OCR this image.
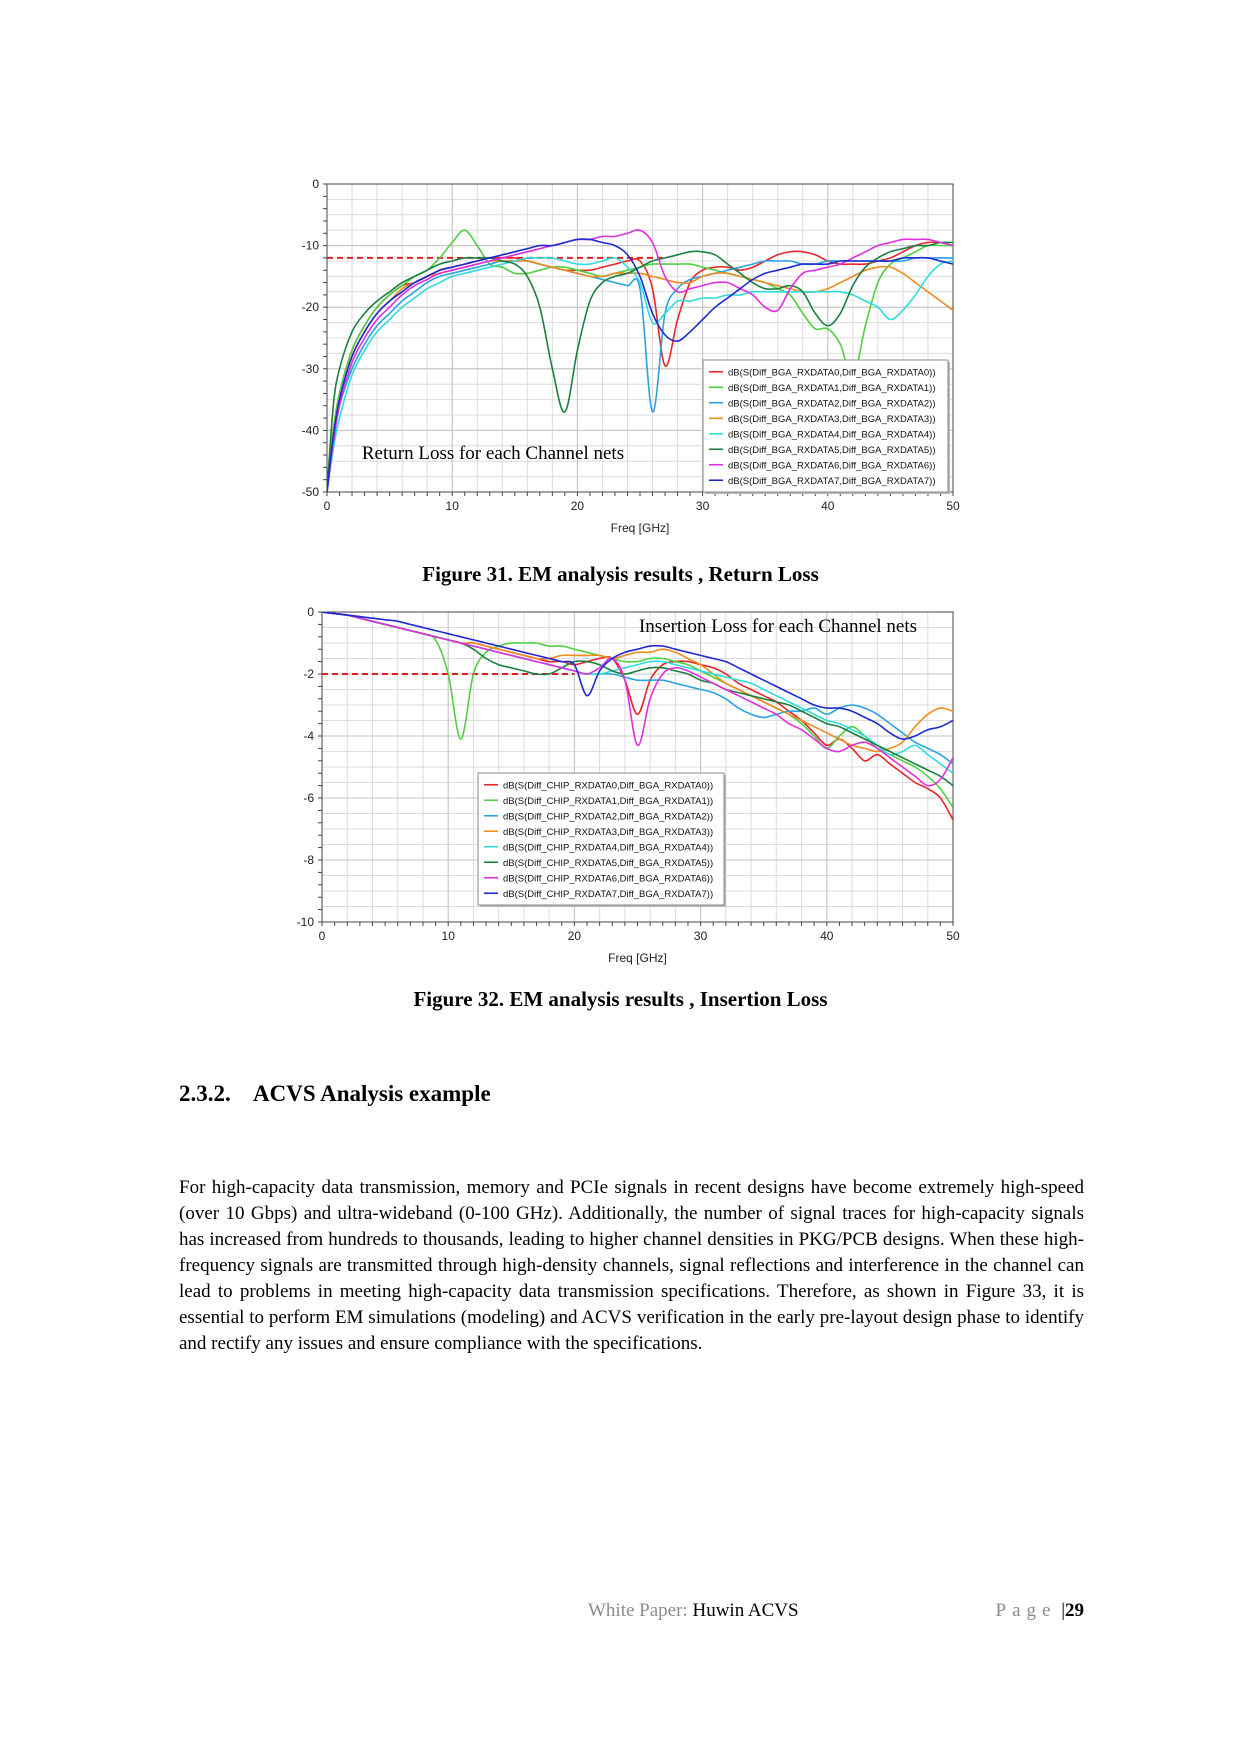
0	10	20	30	40	50
0
-10
-20
-30
-40
-50
Freq [GHz]
dB(S(Diff_BGA_RXDATA0,Diff_BGA_RXDATA0))
dB(S(Diff_BGA_RXDATA1,Diff_BGA_RXDATA1))
dB(S(Diff_BGA_RXDATA2,Diff_BGA_RXDATA2))
dB(S(Diff_BGA_RXDATA3,Diff_BGA_RXDATA3))
dB(S(Diff_BGA_RXDATA4,Diff_BGA_RXDATA4))
dB(S(Diff_BGA_RXDATA5,Diff_BGA_RXDATA5))
dB(S(Diff_BGA_RXDATA6,Diff_BGA_RXDATA6))
dB(S(Diff_BGA_RXDATA7,Diff_BGA_RXDATA7))
Return Loss for each Channel nets
Figure 31. EM analysis results , Return Loss
0	10	20	30	40	50
0
-2
-4
-6
-8
-10
Freq [GHz]
dB(S(Diff_CHIP_RXDATA0,Diff_BGA_RXDATA0))
dB(S(Diff_CHIP_RXDATA1,Diff_BGA_RXDATA1))
dB(S(Diff_CHIP_RXDATA2,Diff_BGA_RXDATA2))
dB(S(Diff_CHIP_RXDATA3,Diff_BGA_RXDATA3))
dB(S(Diff_CHIP_RXDATA4,Diff_BGA_RXDATA4))
dB(S(Diff_CHIP_RXDATA5,Diff_BGA_RXDATA5))
dB(S(Diff_CHIP_RXDATA6,Diff_BGA_RXDATA6))
dB(S(Diff_CHIP_RXDATA7,Diff_BGA_RXDATA7))
Insertion Loss for each Channel nets
Figure 32. EM analysis results , Insertion Loss
2.3.2. ACVS Analysis example
For high-capacity data transmission, memory and PCIe signals in recent designs have become extremely high-speed (over 10 Gbps) and ultra-wideband (0-100 GHz). Additionally, the number of signal traces for high-capacity signals has increased from hundreds to thousands, leading to higher channel densities in PKG/PCB designs. When these high-frequency signals are transmitted through high-density channels, signal reflections and interference in the channel can lead to problems in meeting high-capacity data transmission specifications. Therefore, as shown in Figure 33, it is essential to perform EM simulations (modeling) and ACVS verification in the early pre-layout design phase to identify and rectify any issues and ensure compliance with the specifications.
White Paper: Huwin ACVS	Page |29
